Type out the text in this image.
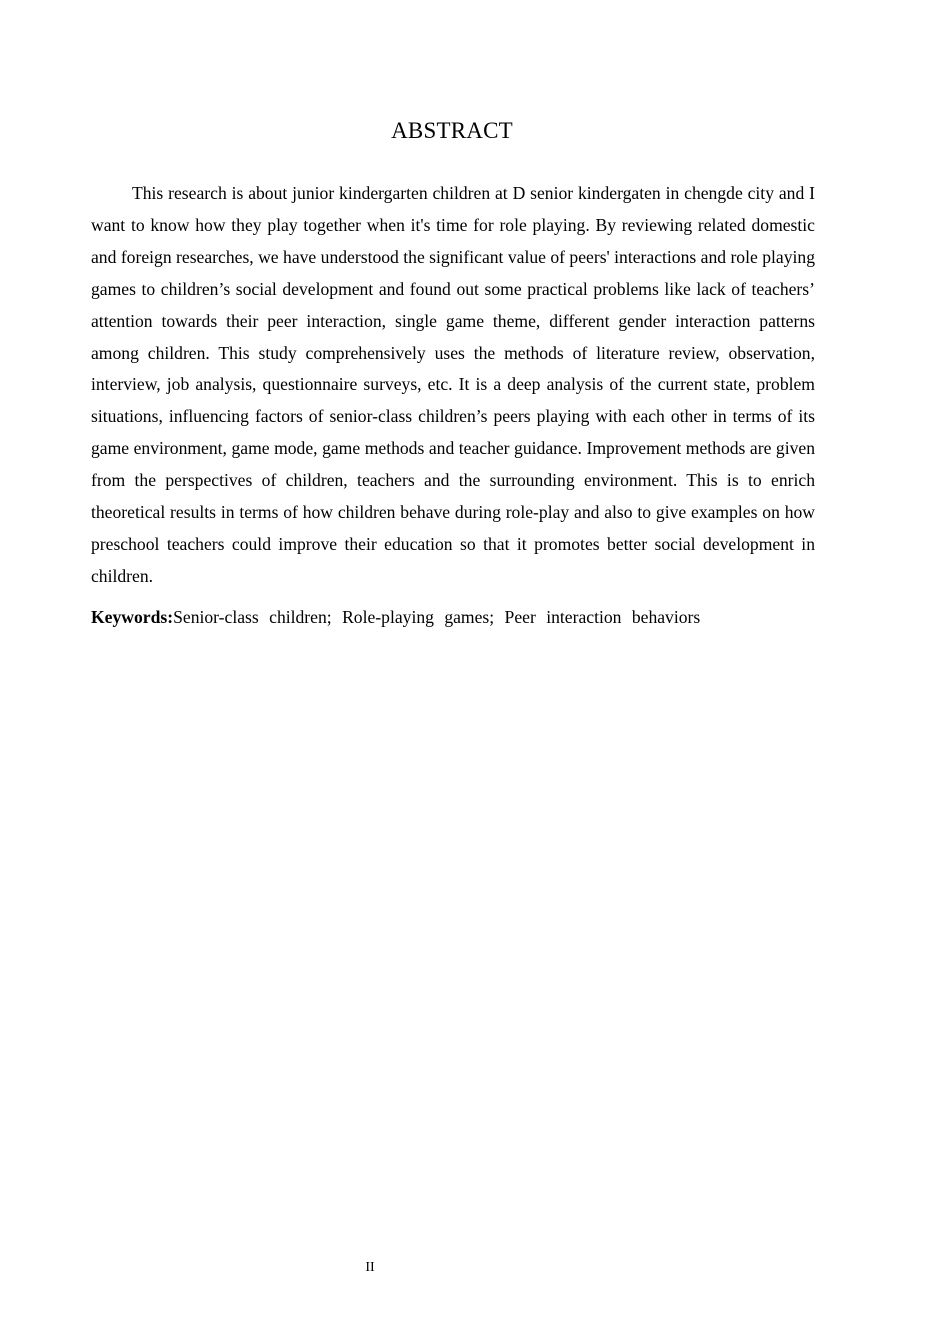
ABSTRACT

This research is about junior kindergarten children at D senior kindergaten in chengde city and I want to know how they play together when it's time for role playing. By reviewing related domestic and foreign researches, we have understood the significant value of peers' interactions and role playing games to children’s social development and found out some practical problems like lack of teachers’ attention towards their peer interaction, single game theme, different gender interaction patterns among children. This study comprehensively uses the methods of literature review, observation, interview, job analysis, questionnaire surveys, etc. It is a deep analysis of the current state, problem situations, influencing factors of senior-class children’s peers playing with each other in terms of its game environment, game mode, game methods and teacher guidance. Improvement methods are given from the perspectives of children, teachers and the surrounding environment. This is to enrich theoretical results in terms of how children behave during role-play and also to give examples on how preschool teachers could improve their education so that it promotes better social development in children.

Keywords:Senior-class children; Role-playing games; Peer interaction behaviors

II
